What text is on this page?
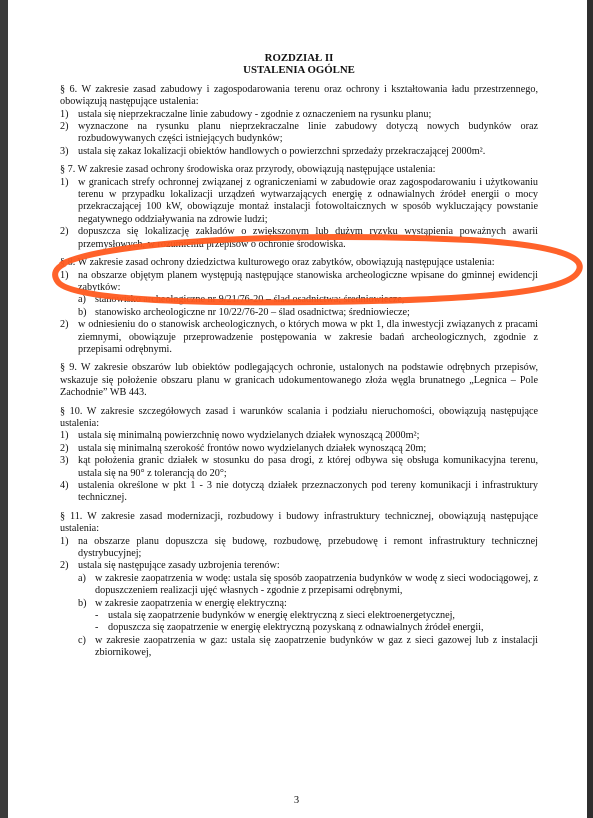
ROZDZIAŁ II
USTALENIA OGÓLNE
§ 6. W zakresie zasad zabudowy i zagospodarowania terenu oraz ochrony i kształtowania ładu przestrzennego, obowiązują następujące ustalenia:
1) ustala się nieprzekraczalne linie zabudowy - zgodnie z oznaczeniem na rysunku planu;
2) wyznaczone na rysunku planu nieprzekraczalne linie zabudowy dotyczą nowych budynków oraz rozbudowywanych części istniejących budynków;
3) ustala się zakaz lokalizacji obiektów handlowych o powierzchni sprzedaży przekraczającej 2000m².
§ 7. W zakresie zasad ochrony środowiska oraz przyrody, obowiązują następujące ustalenia:
1) w granicach strefy ochronnej związanej z ograniczeniami w zabudowie oraz zagospodarowaniu i użytkowaniu terenu w przypadku lokalizacji urządzeń wytwarzających energię z odnawialnych źródeł energii o mocy przekraczającej 100 kW, obowiązuje montaż instalacji fotowoltaicznych w sposób wykluczający powstanie negatywnego oddziaływania na zdrowie ludzi;
2) dopuszcza się lokalizację zakładów o zwiększonym lub dużym ryzyku wystąpienia poważnych awarii przemysłowych, w rozumieniu przepisów o ochronie środowiska.
§ 8. W zakresie zasad ochrony dziedzictwa kulturowego oraz zabytków, obowiązują następujące ustalenia:
1) na obszarze objętym planem występują następujące stanowiska archeologiczne wpisane do gminnej ewidencji zabytków:
a) stanowisko archeologiczne nr 9/21/76-20 – ślad osadnictwa; średniowiecze,
b) stanowisko archeologiczne nr 10/22/76-20 – ślad osadnictwa; średniowiecze;
2) w odniesieniu do o stanowisk archeologicznych, o których mowa w pkt 1, dla inwestycji związanych z pracami ziemnymi, obowiązuje przeprowadzenie postępowania w zakresie badań archeologicznych, zgodnie z przepisami odrębnymi.
§ 9. W zakresie obszarów lub obiektów podlegających ochronie, ustalonych na podstawie odrębnych przepisów, wskazuje się położenie obszaru planu w granicach udokumentowanego złoża węgla brunatnego „Legnica – Pole Zachodnie” WB 443.
§ 10. W zakresie szczegółowych zasad i warunków scalania i podziału nieruchomości, obowiązują następujące ustalenia:
1) ustala się minimalną powierzchnię nowo wydzielanych działek wynoszącą 2000m²;
2) ustala się minimalną szerokość frontów nowo wydzielanych działek wynoszącą 20m;
3) kąt położenia granic działek w stosunku do pasa drogi, z której odbywa się obsługa komunikacyjna terenu, ustala się na 90° z tolerancją do 20°;
4) ustalenia określone w pkt 1 - 3 nie dotyczą działek przeznaczonych pod tereny komunikacji i infrastruktury technicznej.
§ 11. W zakresie zasad modernizacji, rozbudowy i budowy infrastruktury technicznej, obowiązują następujące ustalenia:
1) na obszarze planu dopuszcza się budowę, rozbudowę, przebudowę i remont infrastruktury technicznej dystrybucyjnej;
2) ustala się następujące zasady uzbrojenia terenów:
a) w zakresie zaopatrzenia w wodę: ustala się sposób zaopatrzenia budynków w wodę z sieci wodociągowej, z dopuszczeniem realizacji ujęć własnych - zgodnie z przepisami odrębnymi,
b) w zakresie zaopatrzenia w energię elektryczną:
- ustala się zaopatrzenie budynków w energię elektryczną z sieci elektroenergetycznej,
- dopuszcza się zaopatrzenie w energię elektryczną pozyskaną z odnawialnych źródeł energii,
c) w zakresie zaopatrzenia w gaz: ustala się zaopatrzenie budynków w gaz z sieci gazowej lub z instalacji zbiornikowej,
3
